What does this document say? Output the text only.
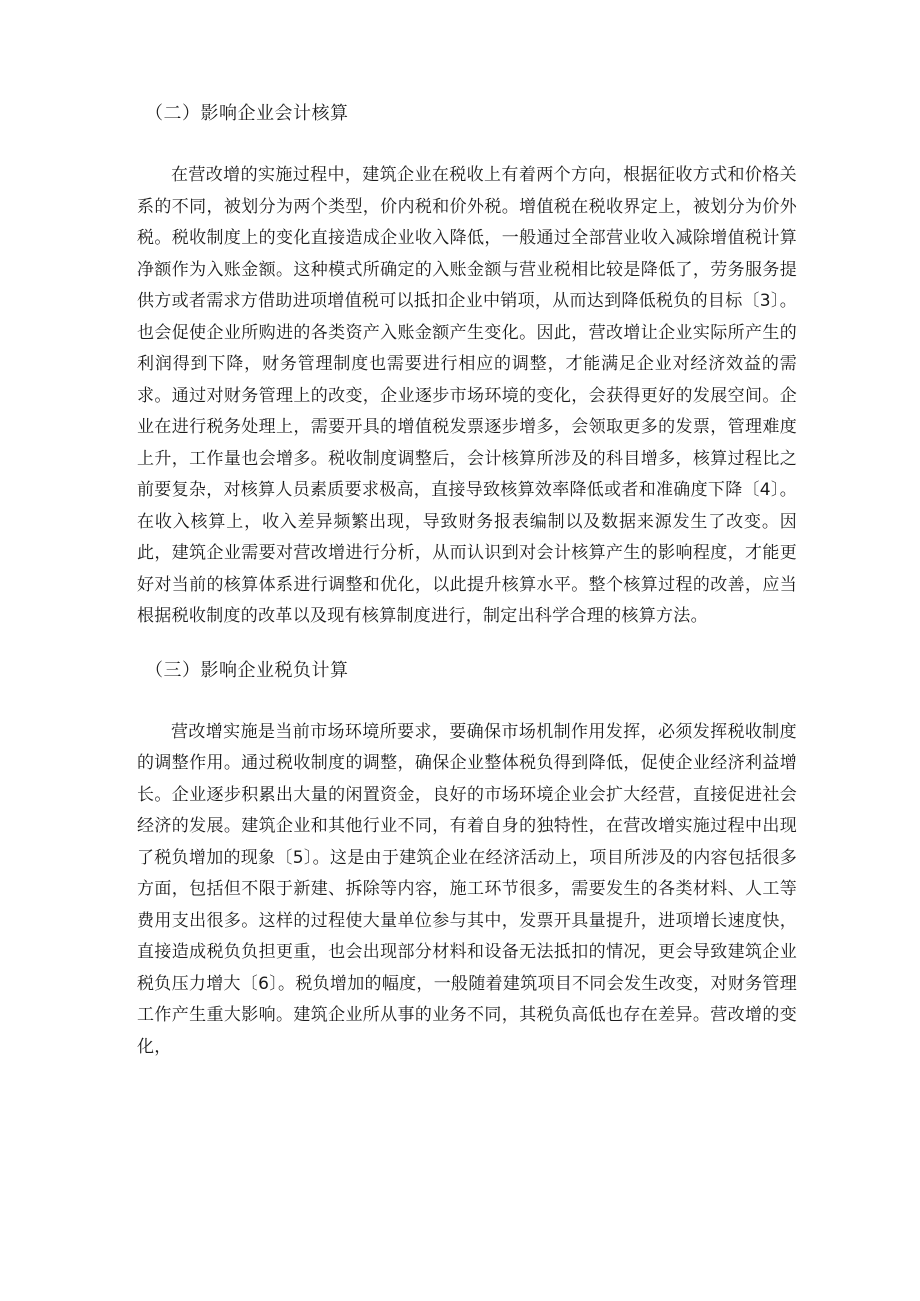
（二）影响企业会计核算

在营改增的实施过程中，建筑企业在税收上有着两个方向，根据征收方式和价格关系的不同，被划分为两个类型，价内税和价外税。增值税在税收界定上，被划分为价外税。税收制度上的变化直接造成企业收入降低，一般通过全部营业收入减除增值税计算净额作为入账金额。这种模式所确定的入账金额与营业税相比较是降低了，劳务服务提供方或者需求方借助进项增值税可以抵扣企业中销项，从而达到降低税负的目标〔3〕。也会促使企业所购进的各类资产入账金额产生变化。因此，营改增让企业实际所产生的利润得到下降，财务管理制度也需要进行相应的调整，才能满足企业对经济效益的需求。通过对财务管理上的改变，企业逐步市场环境的变化，会获得更好的发展空间。企业在进行税务处理上，需要开具的增值税发票逐步增多，会领取更多的发票，管理难度上升，工作量也会增多。税收制度调整后，会计核算所涉及的科目增多，核算过程比之前要复杂，对核算人员素质要求极高，直接导致核算效率降低或者和准确度下降〔4〕。在收入核算上，收入差异频繁出现，导致财务报表编制以及数据来源发生了改变。因此，建筑企业需要对营改增进行分析，从而认识到对会计核算产生的影响程度，才能更好对当前的核算体系进行调整和优化，以此提升核算水平。整个核算过程的改善，应当根据税收制度的改革以及现有核算制度进行，制定出科学合理的核算方法。

（三）影响企业税负计算

营改增实施是当前市场环境所要求，要确保市场机制作用发挥，必须发挥税收制度的调整作用。通过税收制度的调整，确保企业整体税负得到降低，促使企业经济利益增长。企业逐步积累出大量的闲置资金，良好的市场环境企业会扩大经营，直接促进社会经济的发展。建筑企业和其他行业不同，有着自身的独特性，在营改增实施过程中出现了税负增加的现象〔5〕。这是由于建筑企业在经济活动上，项目所涉及的内容包括很多方面，包括但不限于新建、拆除等内容，施工环节很多，需要发生的各类材料、人工等费用支出很多。这样的过程使大量单位参与其中，发票开具量提升，进项增长速度快，直接造成税负负担更重，也会出现部分材料和设备无法抵扣的情况，更会导致建筑企业税负压力增大〔6〕。税负增加的幅度，一般随着建筑项目不同会发生改变，对财务管理工作产生重大影响。建筑企业所从事的业务不同，其税负高低也存在差异。营改增的变化，
